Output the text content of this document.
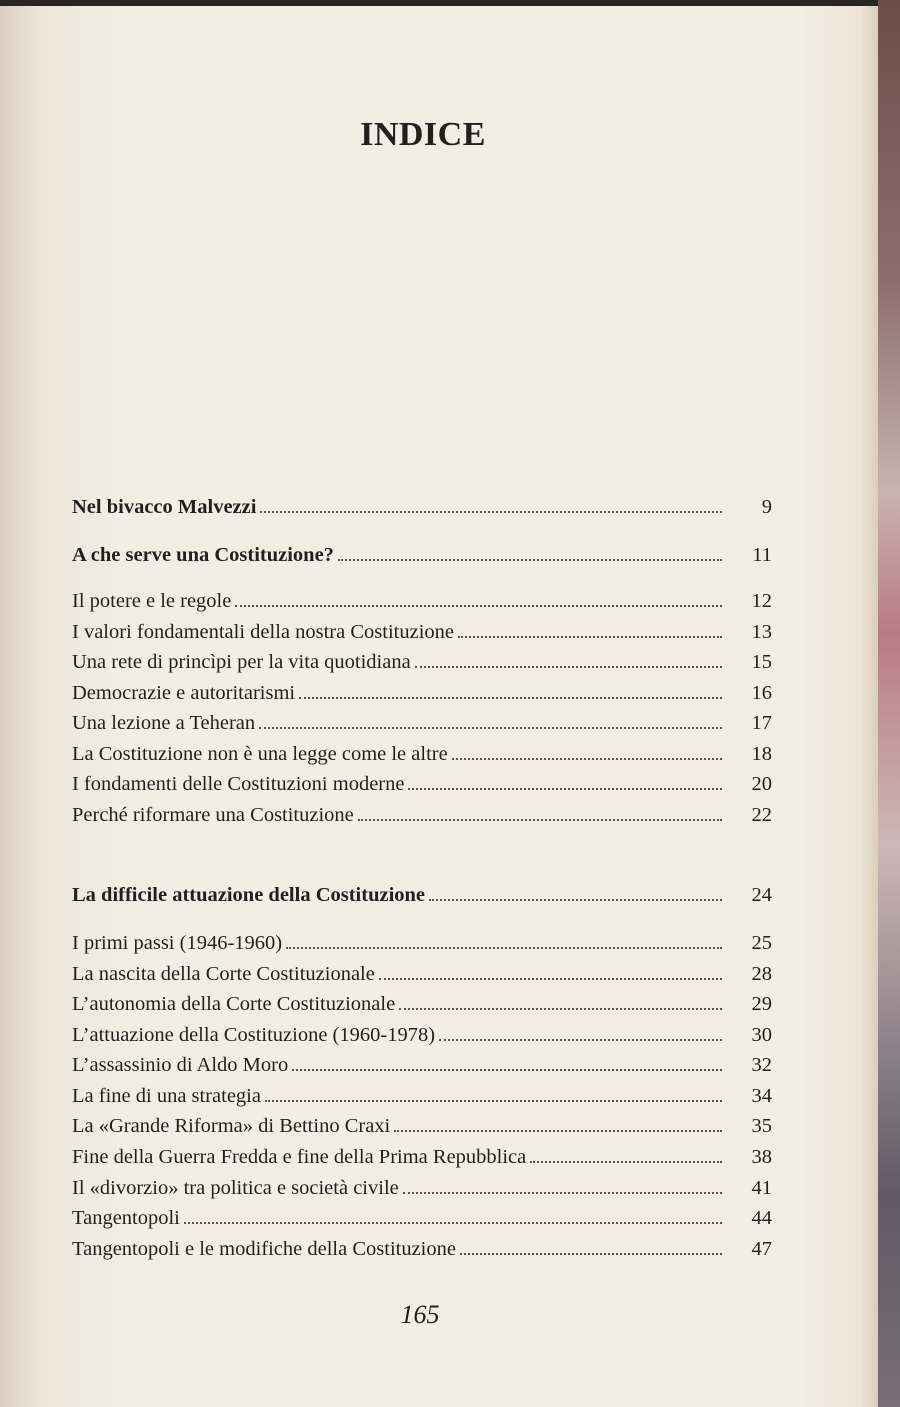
INDICE
Nel bivacco Malvezzi	9
A che serve una Costituzione?	11
Il potere e le regole	12
I valori fondamentali della nostra Costituzione	13
Una rete di princìpi per la vita quotidiana	15
Democrazie e autoritarismi	16
Una lezione a Teheran	17
La Costituzione non è una legge come le altre	18
I fondamenti delle Costituzioni moderne	20
Perché riformare una Costituzione	22
La difficile attuazione della Costituzione	24
I primi passi (1946-1960)	25
La nascita della Corte Costituzionale	28
L’autonomia della Corte Costituzionale	29
L’attuazione della Costituzione (1960-1978)	30
L’assassinio di Aldo Moro	32
La fine di una strategia	34
La «Grande Riforma» di Bettino Craxi	35
Fine della Guerra Fredda e fine della Prima Repubblica	38
Il «divorzio» tra politica e società civile	41
Tangentopoli	44
Tangentopoli e le modifiche della Costituzione	47
165
